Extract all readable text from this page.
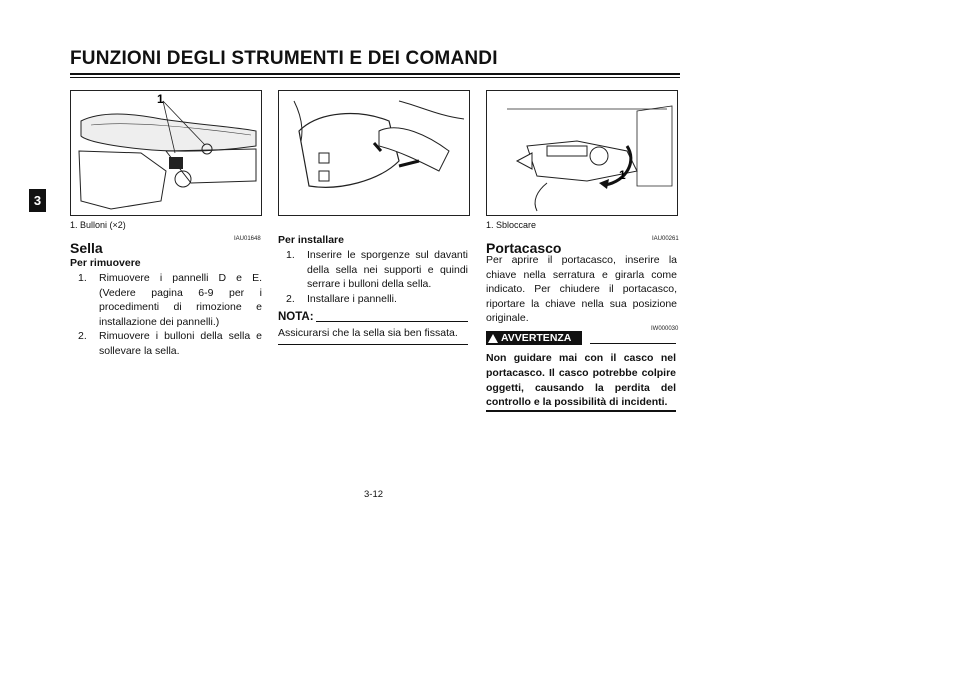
FUNZIONI DEGLI STRUMENTI E DEI COMANDI
3
1
1
1. Bulloni (×2)	1. Sbloccare
IAU01648
Sella
Per rimuovere
1. Rimuovere i pannelli D e E. (Vedere pagina 6-9 per i procedimenti di rimozione e installazione dei pannelli.)
2. Rimuovere i bulloni della sella e sollevare la sella.
Per installare
1. Inserire le sporgenze sul davanti della sella nei supporti e quindi serrare i bulloni della sella.
2. Installare i pannelli.
NOTA:
Assicurarsi che la sella sia ben fissata.
IAU00261
Portacasco
Per aprire il portacasco, inserire la chiave nella serratura e girarla come indicato. Per chiudere il portacasco, riportare la chiave nella sua posizione originale.
IW000030
AVVERTENZA
Non guidare mai con il casco nel portacasco. Il casco potrebbe colpire oggetti, causando la perdita del controllo e la possibilità di incidenti.
3-12
